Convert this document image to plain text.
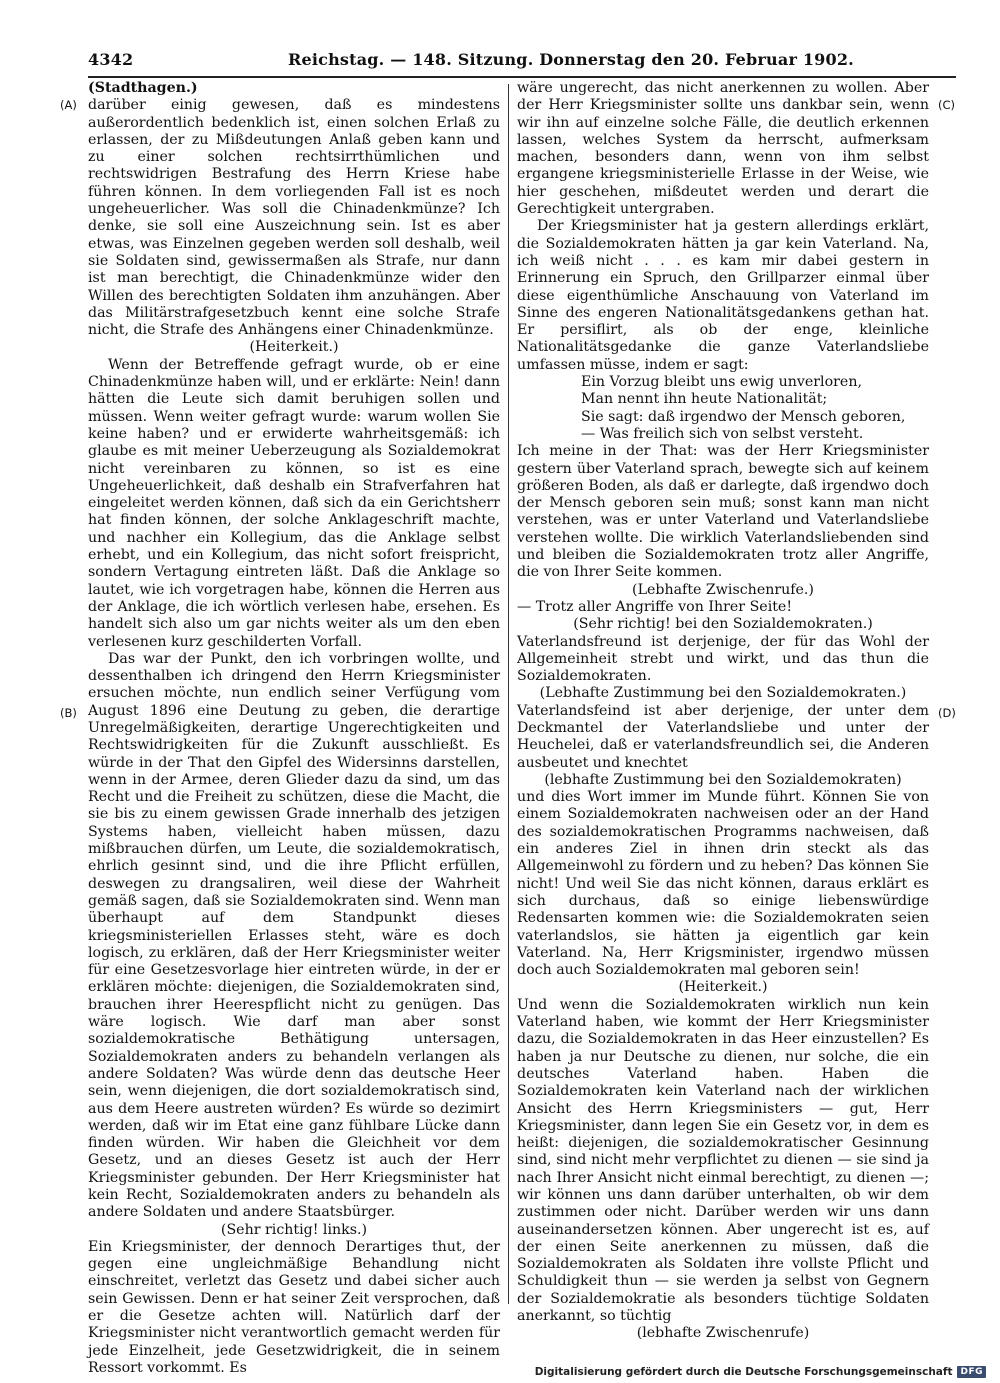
4342	Reichstag. — 148. Sitzung. Donnerstag den 20. Februar 1902.
(A)
(B)
(C)
(D)

(Stadthagen.)

darüber einig gewesen, daß es mindestens außerordentlich bedenklich ist, einen solchen Erlaß zu erlassen, der zu Mißdeutungen Anlaß geben kann und zu einer solchen rechtsirrthümlichen und rechtswidrigen Bestrafung des Herrn Kriese habe führen können. In dem vorliegenden Fall ist es noch ungeheuerlicher. Was soll die Chinadenkmünze? Ich denke, sie soll eine Auszeichnung sein. Ist es aber etwas, was Einzelnen gegeben werden soll deshalb, weil sie Soldaten sind, gewissermaßen als Strafe, nur dann ist man berechtigt, die Chinadenkmünze wider den Willen des berechtigten Soldaten ihm anzuhängen. Aber das Militärstrafgesetzbuch kennt eine solche Strafe nicht, die Strafe des Anhängens einer Chinadenkmünze.

(Heiterkeit.)

Wenn der Betreffende gefragt wurde, ob er eine Chinadenkmünze haben will, und er erklärte: Nein! dann hätten die Leute sich damit beruhigen sollen und müssen. Wenn weiter gefragt wurde: warum wollen Sie keine haben? und er erwiderte wahrheitsgemäß: ich glaube es mit meiner Ueberzeugung als Sozialdemokrat nicht vereinbaren zu können, so ist es eine Ungeheuerlichkeit, daß deshalb ein Strafverfahren hat eingeleitet werden können, daß sich da ein Gerichtsherr hat finden können, der solche Anklageschrift machte, und nachher ein Kollegium, das die Anklage selbst erhebt, und ein Kollegium, das nicht sofort freispricht, sondern Vertagung eintreten läßt. Daß die Anklage so lautet, wie ich vorgetragen habe, können die Herren aus der Anklage, die ich wörtlich verlesen habe, ersehen. Es handelt sich also um gar nichts weiter als um den eben verlesenen kurz geschilderten Vorfall.

Das war der Punkt, den ich vorbringen wollte, und dessenthalben ich dringend den Herrn Kriegsminister ersuchen möchte, nun endlich seiner Verfügung vom August 1896 eine Deutung zu geben, die derartige Unregelmäßigkeiten, derartige Ungerechtigkeiten und Rechtswidrigkeiten für die Zukunft ausschließt. Es würde in der That den Gipfel des Widersinns darstellen, wenn in der Armee, deren Glieder dazu da sind, um das Recht und die Freiheit zu schützen, diese die Macht, die sie bis zu einem gewissen Grade innerhalb des jetzigen Systems haben, vielleicht haben müssen, dazu mißbrauchen dürfen, um Leute, die sozialdemokratisch, ehrlich gesinnt sind, und die ihre Pflicht erfüllen, deswegen zu drangsaliren, weil diese der Wahrheit gemäß sagen, daß sie Sozialdemokraten sind. Wenn man überhaupt auf dem Standpunkt dieses kriegsministeriellen Erlasses steht, wäre es doch logisch, zu erklären, daß der Herr Kriegsminister weiter für eine Gesetzesvorlage hier eintreten würde, in der er erklären möchte: diejenigen, die Sozialdemokraten sind, brauchen ihrer Heerespflicht nicht zu genügen. Das wäre logisch. Wie darf man aber sonst sozialdemokratische Bethätigung untersagen, Sozialdemokraten anders zu behandeln verlangen als andere Soldaten? Was würde denn das deutsche Heer sein, wenn diejenigen, die dort sozialdemokratisch sind, aus dem Heere austreten würden? Es würde so dezimirt werden, daß wir im Etat eine ganz fühlbare Lücke dann finden würden. Wir haben die Gleichheit vor dem Gesetz, und an dieses Gesetz ist auch der Herr Kriegsminister gebunden. Der Herr Kriegsminister hat kein Recht, Sozialdemokraten anders zu behandeln als andere Soldaten und andere Staatsbürger.

(Sehr richtig! links.)

Ein Kriegsminister, der dennoch Derartiges thut, der gegen eine ungleichmäßige Behandlung nicht einschreitet, verletzt das Gesetz und dabei sicher auch sein Gewissen. Denn er hat seiner Zeit versprochen, daß er die Gesetze achten will. Natürlich darf der Kriegsminister nicht verantwortlich gemacht werden für jede Einzelheit, jede Gesetzwidrigkeit, die in seinem Ressort vorkommt. Es

wäre ungerecht, das nicht anerkennen zu wollen. Aber der Herr Kriegsminister sollte uns dankbar sein, wenn wir ihn auf einzelne solche Fälle, die deutlich erkennen lassen, welches System da herrscht, aufmerksam machen, besonders dann, wenn von ihm selbst ergangene kriegsministerielle Erlasse in der Weise, wie hier geschehen, mißdeutet werden und derart die Gerechtigkeit untergraben.

Der Kriegsminister hat ja gestern allerdings erklärt, die Sozialdemokraten hätten ja gar kein Vaterland. Na, ich weiß nicht . . . es kam mir dabei gestern in Erinnerung ein Spruch, den Grillparzer einmal über diese eigenthümliche Anschauung von Vaterland im Sinne des engeren Nationalitätsgedankens gethan hat. Er persiflirt, als ob der enge, kleinliche Nationalitätsgedanke die ganze Vaterlandsliebe umfassen müsse, indem er sagt:

Ein Vorzug bleibt uns ewig unverloren,

Man nennt ihn heute Nationalität;

Sie sagt: daß irgendwo der Mensch geboren,

— Was freilich sich von selbst versteht.

Ich meine in der That: was der Herr Kriegsminister gestern über Vaterland sprach, bewegte sich auf keinem größeren Boden, als daß er darlegte, daß irgendwo doch der Mensch geboren sein muß; sonst kann man nicht verstehen, was er unter Vaterland und Vaterlandsliebe verstehen wollte. Die wirklich Vaterlandsliebenden sind und bleiben die Sozialdemokraten trotz aller Angriffe, die von Ihrer Seite kommen.

(Lebhafte Zwischenrufe.)

— Trotz aller Angriffe von Ihrer Seite!

(Sehr richtig! bei den Sozialdemokraten.)

Vaterlandsfreund ist derjenige, der für das Wohl der Allgemeinheit strebt und wirkt, und das thun die Sozialdemokraten.

(Lebhafte Zustimmung bei den Sozialdemokraten.)

Vaterlandsfeind ist aber derjenige, der unter dem Deckmantel der Vaterlandsliebe und unter der Heuchelei, daß er vaterlandsfreundlich sei, die Anderen ausbeutet und knechtet

(lebhafte Zustimmung bei den Sozialdemokraten)

und dies Wort immer im Munde führt. Können Sie von einem Sozialdemokraten nachweisen oder an der Hand des sozialdemokratischen Programms nachweisen, daß ein anderes Ziel in ihnen drin steckt als das Allgemeinwohl zu fördern und zu heben? Das können Sie nicht! Und weil Sie das nicht können, daraus erklärt es sich durchaus, daß so einige liebenswürdige Redensarten kommen wie: die Sozialdemokraten seien vaterlandslos, sie hätten ja eigentlich gar kein Vaterland. Na, Herr Krigsminister, irgendwo müssen doch auch Sozialdemokraten mal geboren sein!

(Heiterkeit.)

Und wenn die Sozialdemokraten wirklich nun kein Vaterland haben, wie kommt der Herr Kriegsminister dazu, die Sozialdemokraten in das Heer einzustellen? Es haben ja nur Deutsche zu dienen, nur solche, die ein deutsches Vaterland haben. Haben die Sozialdemokraten kein Vaterland nach der wirklichen Ansicht des Herrn Kriegsministers — gut, Herr Kriegsminister, dann legen Sie ein Gesetz vor, in dem es heißt: diejenigen, die sozialdemokratischer Gesinnung sind, sind nicht mehr verpflichtet zu dienen — sie sind ja nach Ihrer Ansicht nicht einmal berechtigt, zu dienen —; wir können uns dann darüber unterhalten, ob wir dem zustimmen oder nicht. Darüber werden wir uns dann auseinandersetzen können. Aber ungerecht ist es, auf der einen Seite anerkennen zu müssen, daß die Sozialdemokraten als Soldaten ihre vollste Pflicht und Schuldigkeit thun — sie werden ja selbst von Gegnern der Sozialdemokratie als besonders tüchtige Soldaten anerkannt, so tüchtig

(lebhafte Zwischenrufe)

Digitalisierung gefördert durch die Deutsche Forschungsgemeinschaft DFG
